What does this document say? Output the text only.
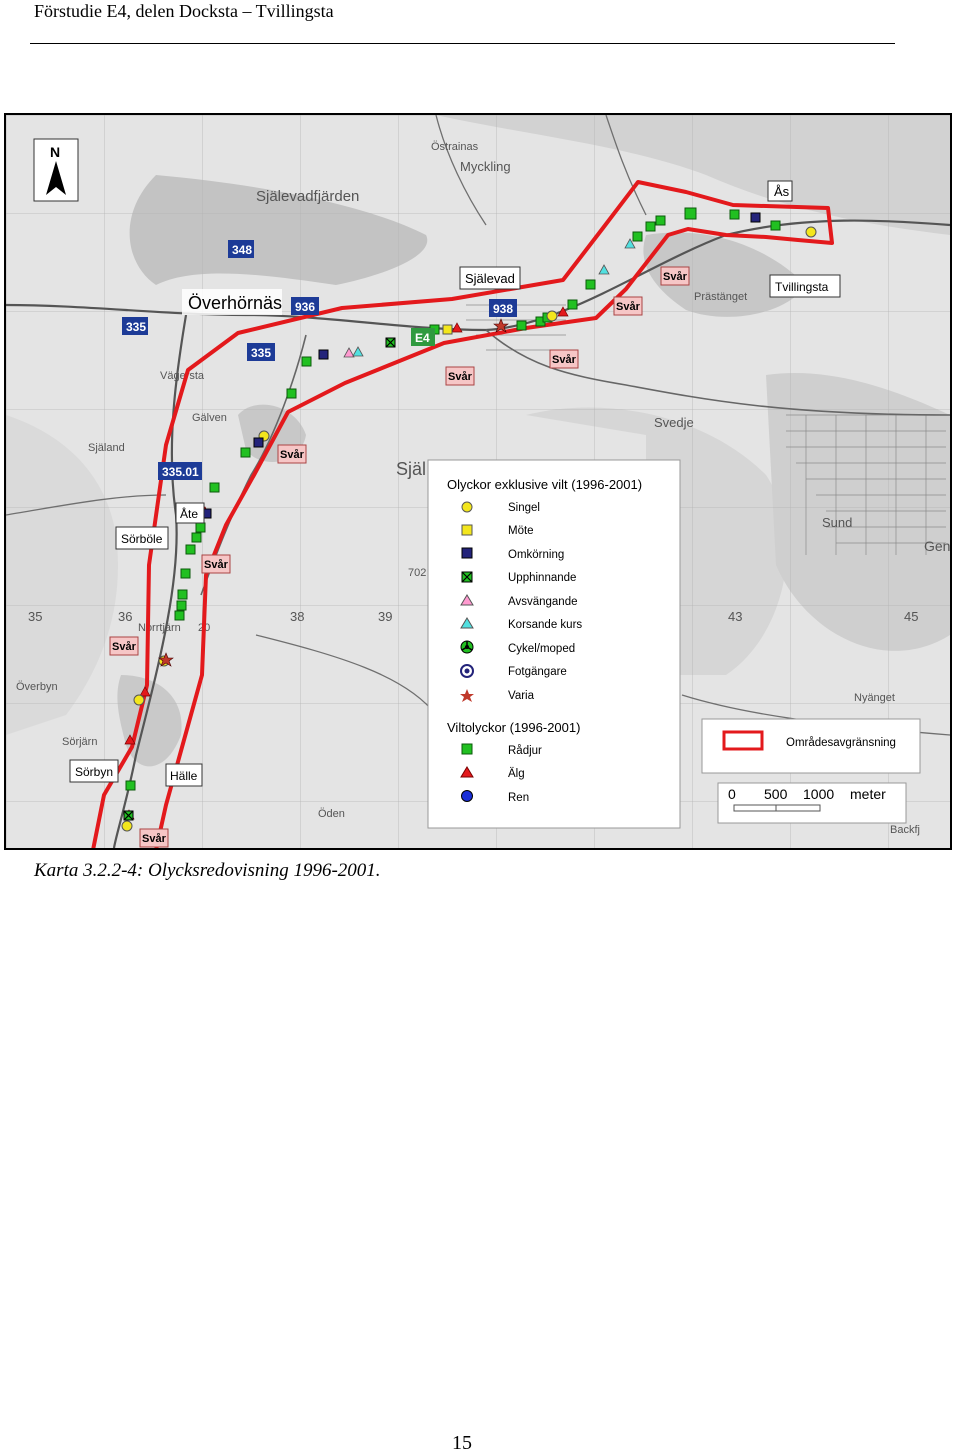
Förstudie E4, delen Docksta – Tvillingsta
Själevadfjärden
Myckling
Östrainas
Själ
Prästänget
Svedje
Sund
Nyänget
Gen
Gälven
Vägersta
Själand
Norrtjärn
Sörjärn
Överbyn
Öden
Backfj
35	36	38	39	43	45
702
20
Överhörnäs
Själevad
Tvillingsta
Ås
Sörböle
Sörbyn	Hälle
Åte
348
936
335
335
335.01
938
E4
Svår
Svår
Svår
Svår
Svår
Svår
Svår
Svår
N
Olyckor exklusive vilt (1996-2001)
Singel
Möte
Omkörning
Upphinnande
Avsvängande
Korsande kurs
Cykel/moped
Fotgängare
Varia
Viltolyckor (1996-2001)
Rådjur
Älg
Ren
Områdesavgränsning
0 500 1000 meter
Karta 3.2.2-4: Olycksredovisning 1996-2001.
15
